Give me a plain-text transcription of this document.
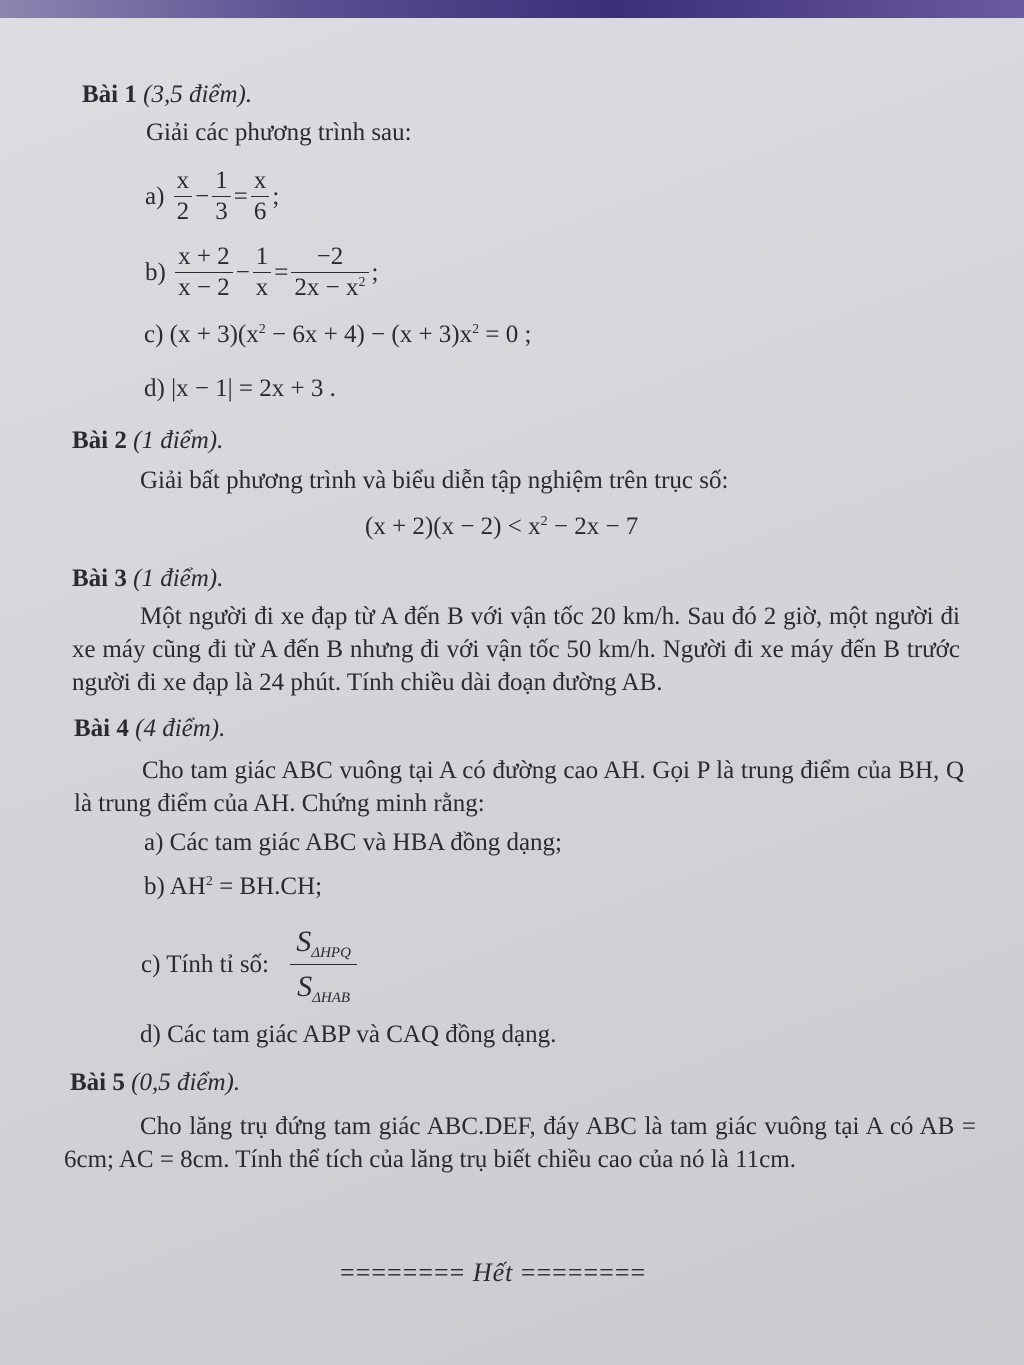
Bài 1 (3,5 điểm).
Giải các phương trình sau:
$a) \frac{x}{2} - \frac{1}{3} = \frac{x}{6}$ ;
$b) \frac{x + 2}{x - 2} - \frac{1}{x} = \frac{-2}{2x - x^2}$ ;
c) $(x + 3)(x^2 - 6x + 4) - (x + 3)x^2 = 0$ ;
d) |x − 1| = 2x + 3 .
Bài 2 (1 điểm).
Giải bất phương trình và biểu diễn tập nghiệm trên trục số:
$(x + 2)(x - 2) < x^2 - 2x - 7$
Bài 3 (1 điểm).
Một người đi xe đạp từ A đến B với vận tốc 20 km/h. Sau đó 2 giờ, một người đi xe máy cũng đi từ A đến B nhưng đi với vận tốc 50 km/h. Người đi xe máy đến B trước người đi xe đạp là 24 phút. Tính chiều dài đoạn đường AB.
Bài 4 (4 điểm).
Cho tam giác ABC vuông tại A có đường cao AH. Gọi P là trung điểm của BH, Q là trung điểm của AH. Chứng minh rằng:
a) Các tam giác ABC và HBA đồng dạng;
b) $AH^2 = BH.CH$;
c) Tính tỉ số: $\frac{S_{\Delta HPQ}}{S_{\Delta HAB}}$
d) Các tam giác ABP và CAQ đồng dạng.
Bài 5 (0,5 điểm).
Cho lăng trụ đứng tam giác ABC.DEF, đáy ABC là tam giác vuông tại A có AB = 6cm; AC = 8cm. Tính thể tích của lăng trụ biết chiều cao của nó là 11cm.
======== Hết ========
